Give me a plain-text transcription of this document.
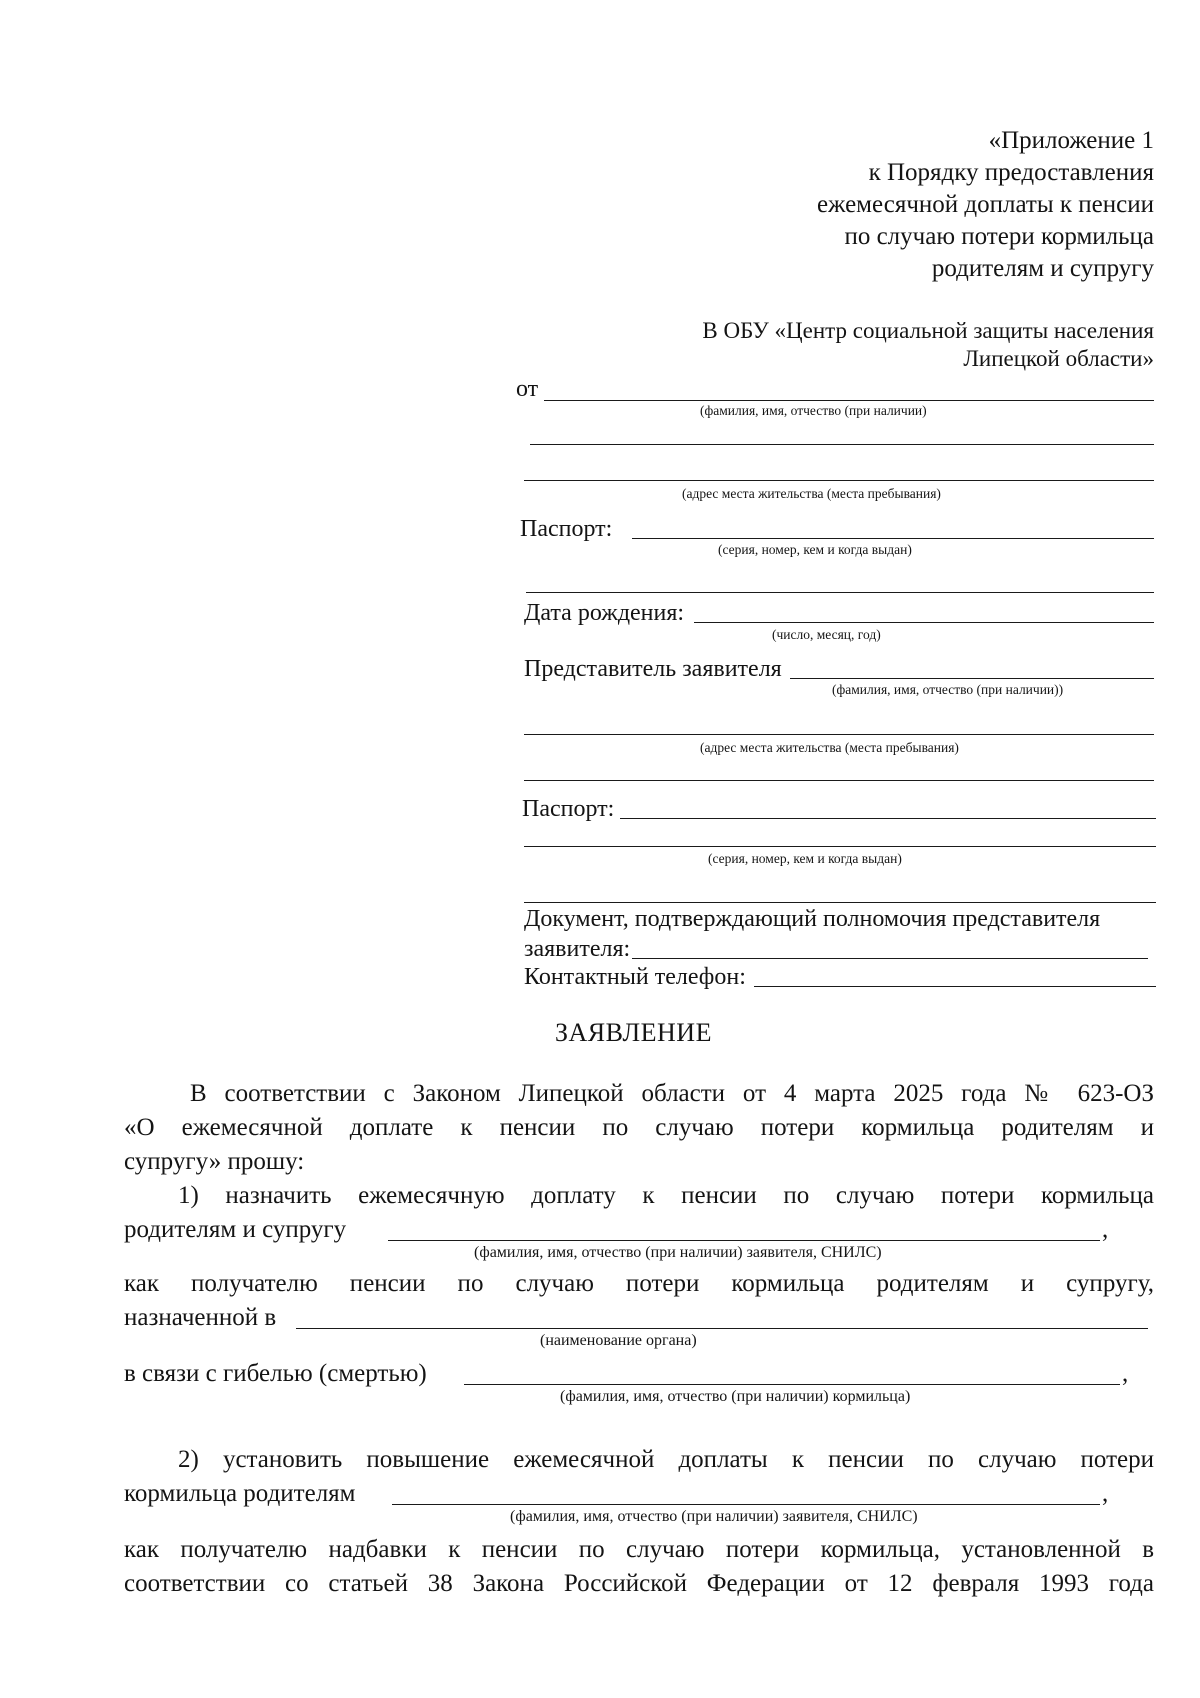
«Приложение 1
к Порядку предоставления
ежемесячной доплаты к пенсии
по случаю потери кормильца
родителям и супругу
В ОБУ «Центр социальной защиты населения
Липецкой области»
от
(фамилия, имя, отчество (при наличии)
(адрес места жительства (места пребывания)
Паспорт:
(серия, номер, кем и когда выдан)
Дата рождения:
(число, месяц, год)
Представитель заявителя
(фамилия, имя, отчество (при наличии))
(адрес места жительства (места пребывания)
Паспорт:
(серия, номер, кем и когда выдан)
Документ, подтверждающий полномочия представителя
заявителя:
Контактный телефон:
ЗАЯВЛЕНИЕ
В соответствии с Законом Липецкой области от 4 марта 2025 года № 623-ОЗ
«О ежемесячной доплате к пенсии по случаю потери кормильца родителям и
супругу» прошу:
1) назначить ежемесячную доплату к пенсии по случаю потери кормильца
родителям и супругу	,
(фамилия, имя, отчество (при наличии) заявителя, СНИЛС)
как получателю пенсии по случаю потери кормильца родителям и супругу,
назначенной в
(наименование органа)
в связи с гибелью (смертью)	,
(фамилия, имя, отчество (при наличии) кормильца)
2) установить повышение ежемесячной доплаты к пенсии по случаю потери
кормильца родителям	,
(фамилия, имя, отчество (при наличии) заявителя, СНИЛС)
как получателю надбавки к пенсии по случаю потери кормильца, установленной в
соответствии со статьей 38 Закона Российской Федерации от 12 февраля 1993 года
